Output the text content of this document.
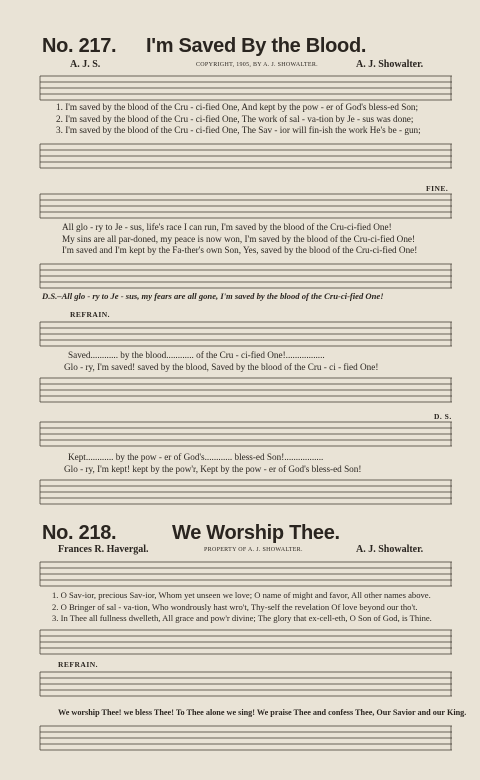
No. 217. I'm Saved By the Blood.
A. J. S.	COPYRIGHT, 1905, BY A. J. SHOWALTER.	A. J. Showalter.
1. I'm saved by the blood of the Cru - ci-fied One, And kept by the pow - er of God's bless-ed Son;
2. I'm saved by the blood of the Cru - ci-fied One, The work of sal - va-tion by Je - sus was done;
3. I'm saved by the blood of the Cru - ci-fied One, The Sav - ior will fin-ish the work He's be - gun;
FINE.
All glo - ry to Je - sus, life's race I can run, I'm saved by the blood of the Cru-ci-fied One!
My sins are all par-doned, my peace is now won, I'm saved by the blood of the Cru-ci-fied One!
I'm saved and I'm kept by the Fa-ther's own Son, Yes, saved by the blood of the Cru-ci-fied One!
D.S.–All glo - ry to Je - sus, my fears are all gone, I'm saved by the blood of the Cru-ci-fied One!
REFRAIN.
Saved............ by the blood............ of the Cru - ci-fied One!.................
Glo - ry, I'm saved! saved by the blood, Saved by the blood of the Cru - ci - fied One!
D. S.
Kept............ by the pow - er of God's............ bless-ed Son!.................
Glo - ry, I'm kept! kept by the pow'r, Kept by the pow - er of God's bless-ed Son!
No. 218.	We Worship Thee.
Frances R. Havergal.	PROPERTY OF A. J. SHOWALTER.	A. J. Showalter.
1. O Sav-ior, precious Sav-ior, Whom yet unseen we love; O name of might and favor, All other names above.
2. O Bringer of sal - va-tion, Who wondrously hast wro't, Thy-self the revelation Of love beyond our tho't.
3. In Thee all fullness dwelleth, All grace and pow'r divine; The glory that ex-cell-eth, O Son of God, is Thine.
REFRAIN.
We worship Thee! we bless Thee! To Thee alone we sing! We praise Thee and confess Thee, Our Savior and our King.
